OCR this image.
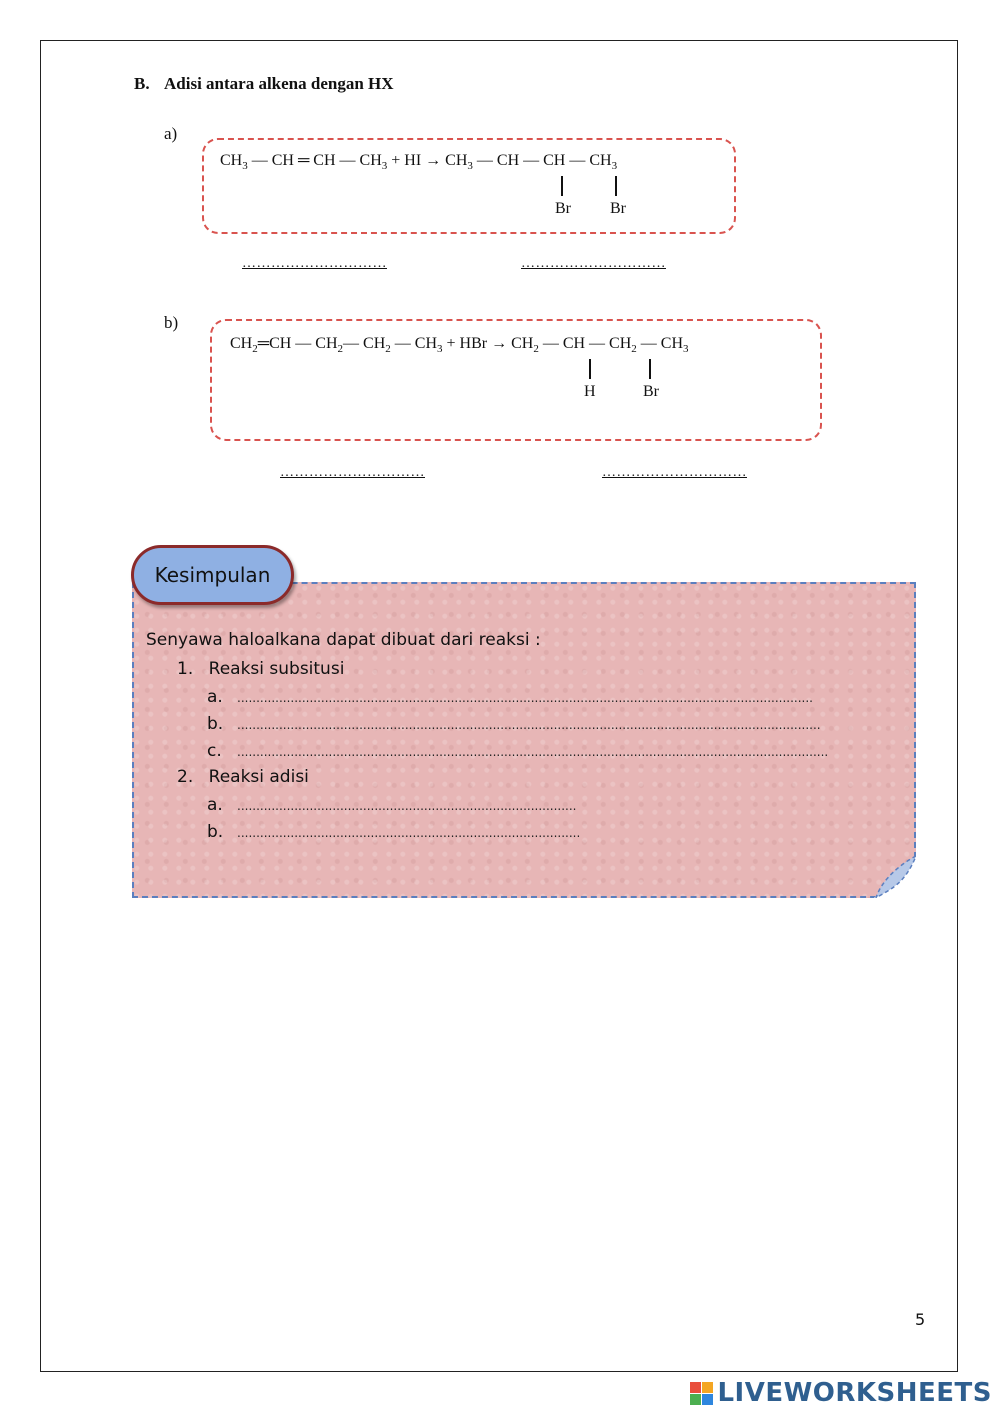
B. Adisi antara alkena dengan HX
a)
$CH_3$ — CH ═ CH — $CH_3$ + HI → $CH_3$ — CH — CH — $CH_3$
Br Br
…………………………	…………………………
b)
$CH_2═CH$ — $CH_2—$ $CH_2$ — $CH_3$ + HBr → $CH_2$ — CH — $CH_2$ — $CH_3$
H	Br
…………………………	…………………………
Senyawa haloalkana dapat dibuat dari reaksi :
1. Reaksi subsitusi
a. .......................................................................................................................................................
b. .........................................................................................................................................................
c. ...........................................................................................................................................................
2. Reaksi adisi
a. .........................................................................................
b. ..........................................................................................
Kesimpulan
5
LIVEWORKSHEETS
